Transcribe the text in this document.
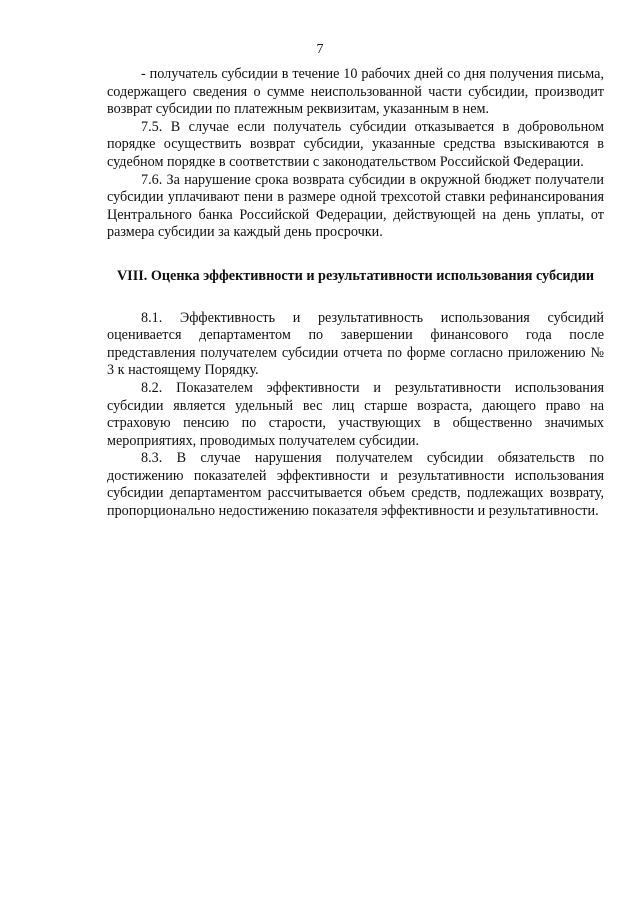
7

- получатель субсидии в течение 10 рабочих дней со дня получения письма, содержащего сведения о сумме неиспользованной части субсидии, производит возврат субсидии по платежным реквизитам, указанным в нем.

7.5. В случае если получатель субсидии отказывается в добровольном порядке осуществить возврат субсидии, указанные средства взыскиваются в судебном порядке в соответствии с законодательством Российской Федерации.

7.6. За нарушение срока возврата субсидии в окружной бюджет получатели субсидии уплачивают пени в размере одной трехсотой ставки рефинансирования Центрального банка Российской Федерации, действующей на день уплаты, от размера субсидии за каждый день просрочки.

VIII. Оценка эффективности и результативности использования субсидии

8.1. Эффективность и результативность использования субсидий оценивается департаментом по завершении финансового года после представления получателем субсидии отчета по форме согласно приложению № 3 к настоящему Порядку.

8.2. Показателем эффективности и результативности использования субсидии является удельный вес лиц старше возраста, дающего право на страховую пенсию по старости, участвующих в общественно значимых мероприятиях, проводимых получателем субсидии.

8.3. В случае нарушения получателем субсидии обязательств по достижению показателей эффективности и результативности использования субсидии департаментом рассчитывается объем средств, подлежащих возврату, пропорционально недостижению показателя эффективности и результативности.
